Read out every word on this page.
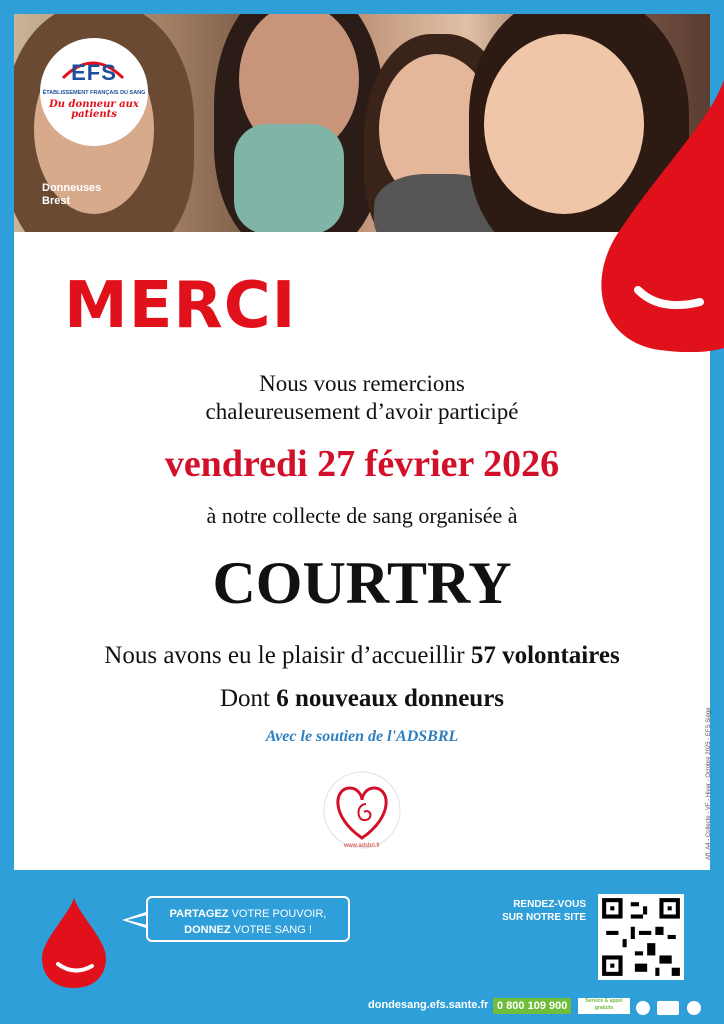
Donneuses
Brest
EFS
ÉTABLISSEMENT FRANÇAIS DU SANG
Du donneur aux patients
MERCI
Nous vous remercions
chaleureusement d’avoir participé
vendredi 27 février 2026
à notre collecte de sang organisée à
COURTRY
Nous avons eu le plaisir d’accueillir 57 volontaires
Dont 6 nouveaux donneurs
Avec le soutien de l'ADSBRL
www.adsbrl.fr	Aff. A4 - Collecte - VF - Hiver - Octobre 2025 - EFS Siège
PARTAGEZ VOTRE POUVOIR,
DONNEZ VOTRE SANG !
RENDEZ-VOUS SUR NOTRE SITE
dondesang.efs.sante.fr 0 800 109 900	Service & appel gratuits
